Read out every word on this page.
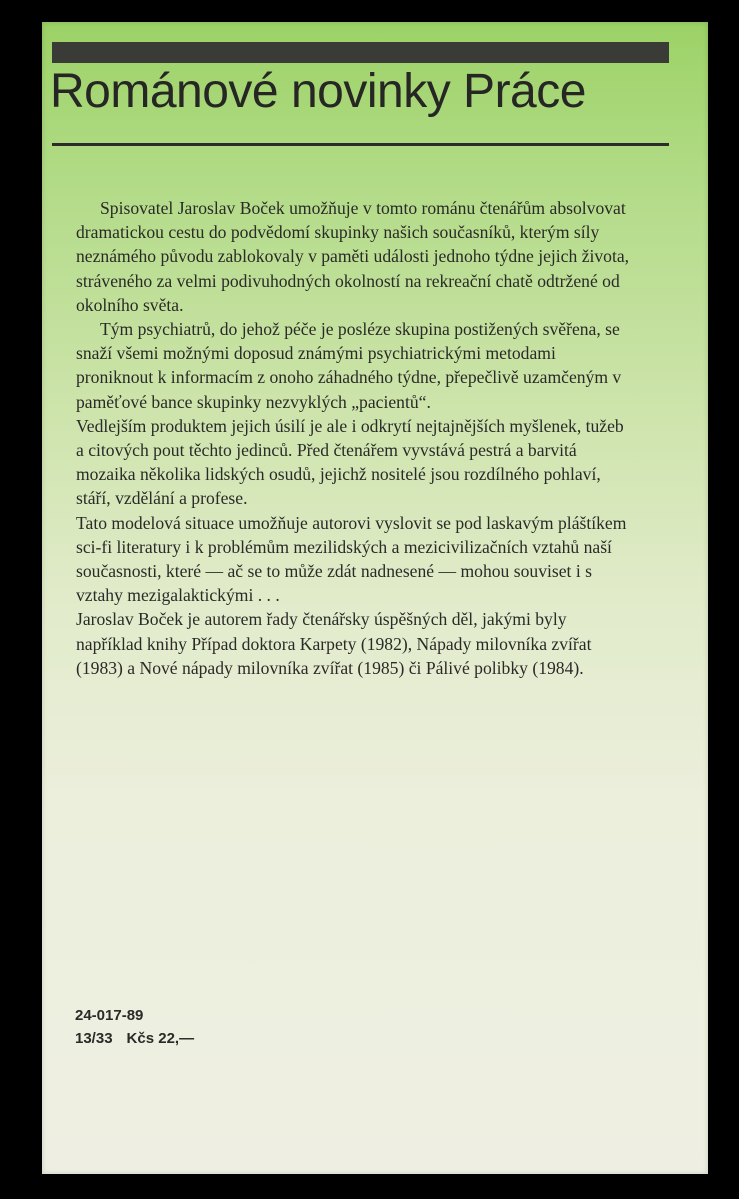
Románové novinky Práce

Spisovatel Jaroslav Boček umožňuje v tomto románu čtenářům absolvovat dramatickou cestu do podvědomí skupinky našich současníků, kterým síly neznámého původu zablokovaly v paměti události jednoho týdne jejich života, stráveného za velmi podivuhodných okolností na rekreační chatě odtržené od okolního světa.

Tým psychiatrů, do jehož péče je posléze skupina postižených svěřena, se snaží všemi možnými doposud známými psychiatrickými metodami proniknout k informacím z onoho záhadného týdne, přepečlivě uzamčeným v paměťové bance skupinky nezvyklých „pacientů“.

Vedlejším produktem jejich úsilí je ale i odkrytí nejtajnějších myšlenek, tužeb a citových pout těchto jedinců. Před čtenářem vyvstává pestrá a barvitá mozaika několika lidských osudů, jejichž nositelé jsou rozdílného pohlaví, stáří, vzdělání a profese.

Tato modelová situace umožňuje autorovi vyslovit se pod laskavým pláštíkem sci-fi literatury i k problémům mezilidských a mezicivilizačních vztahů naší současnosti, které — ač se to může zdát nadnesené — mohou souviset i s vztahy mezigalaktickými . . .

Jaroslav Boček je autorem řady čtenářsky úspěšných děl, jakými byly například knihy Případ doktora Karpety (1982), Nápady milovníka zvířat (1983) a Nové nápady milovníka zvířat (1985) či Pálivé polibky (1984).

24-017-89
13/33 Kčs 22,—
